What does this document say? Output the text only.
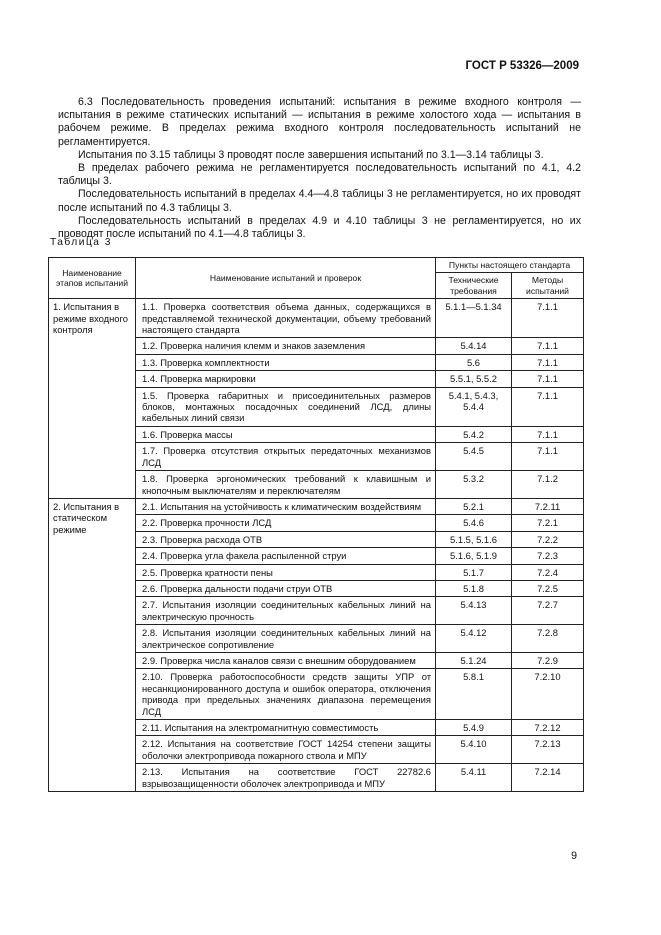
ГОСТ Р 53326—2009

6.3 Последовательность проведения испытаний: испытания в режиме входного контроля — испытания в режиме статических испытаний — испытания в режиме холостого хода — испытания в рабочем режиме. В пределах режима входного контроля последовательность испытаний не регламентируется.

Испытания по 3.15 таблицы 3 проводят после завершения испытаний по 3.1—3.14 таблицы 3.

В пределах рабочего режима не регламентируется последовательность испытаний по 4.1, 4.2 таблицы 3.

Последовательность испытаний в пределах 4.4—4.8 таблицы 3 не регламентируется, но их проводят после испытаний по 4.3 таблицы 3.

Последовательность испытаний в пределах 4.9 и 4.10 таблицы 3 не регламентируется, но их проводят после испытаний по 4.1—4.8 таблицы 3.

Таблица 3
Наименование этапов испытаний	Наименование испытаний и проверок	Пункты настоящего стандарта	
		Технические требования	Методы испытаний
1. Испытания в режиме входного контроля	1.1. Проверка соответствия объема данных, содержащихся в представляемой технической документации, объему требований настоящего стандарта	5.1.1—5.1.34	7.1.1
	1.2. Проверка наличия клемм и знаков заземления	5.4.14	7.1.1
	1.3. Проверка комплектности	5.6	7.1.1
	1.4. Проверка маркировки	5.5.1, 5.5.2	7.1.1
	1.5. Проверка габаритных и присоединительных размеров блоков, монтажных посадочных соединений ЛСД, длины кабельных линий связи	5.4.1, 5.4.3, 5.4.4	7.1.1
	1.6. Проверка массы	5.4.2	7.1.1
	1.7. Проверка отсутствия открытых передаточных механизмов ЛСД	5.4.5	7.1.1
	1.8. Проверка эргономических требований к клавишным и кнопочным выключателям и переключателям	5.3.2	7.1.2
2. Испытания в статическом режиме	2.1. Испытания на устойчивость к климатическим воздействиям	5.2.1	7.2.11
	2.2. Проверка прочности ЛСД	5.4.6	7.2.1
	2.3. Проверка расхода ОТВ	5.1.5, 5.1.6	7.2.2
	2.4. Проверка угла факела распыленной струи	5.1.6, 5.1.9	7.2.3
	2.5. Проверка кратности пены	5.1.7	7.2.4
	2.6. Проверка дальности подачи струи ОТВ	5.1.8	7.2.5
	2.7. Испытания изоляции соединительных кабельных линий на электрическую прочность	5.4.13	7.2.7
	2.8. Испытания изоляции соединительных кабельных линий на электрическое сопротивление	5.4.12	7.2.8
	2.9. Проверка числа каналов связи с внешним оборудованием	5.1.24	7.2.9
	2.10. Проверка работоспособности средств защиты УПР от несанкционированного доступа и ошибок оператора, отключения привода при предельных значениях диапазона перемещения ЛСД	5.8.1	7.2.10
	2.11. Испытания на электромагнитную совместимость	5.4.9	7.2.12
	2.12. Испытания на соответствие ГОСТ 14254 степени защиты оболочки электропривода пожарного ствола и МПУ	5.4.10	7.2.13
	2.13. Испытания на соответствие ГОСТ 22782.6 взрывозащищенности оболочек электропривода и МПУ	5.4.11	7.2.14
9
